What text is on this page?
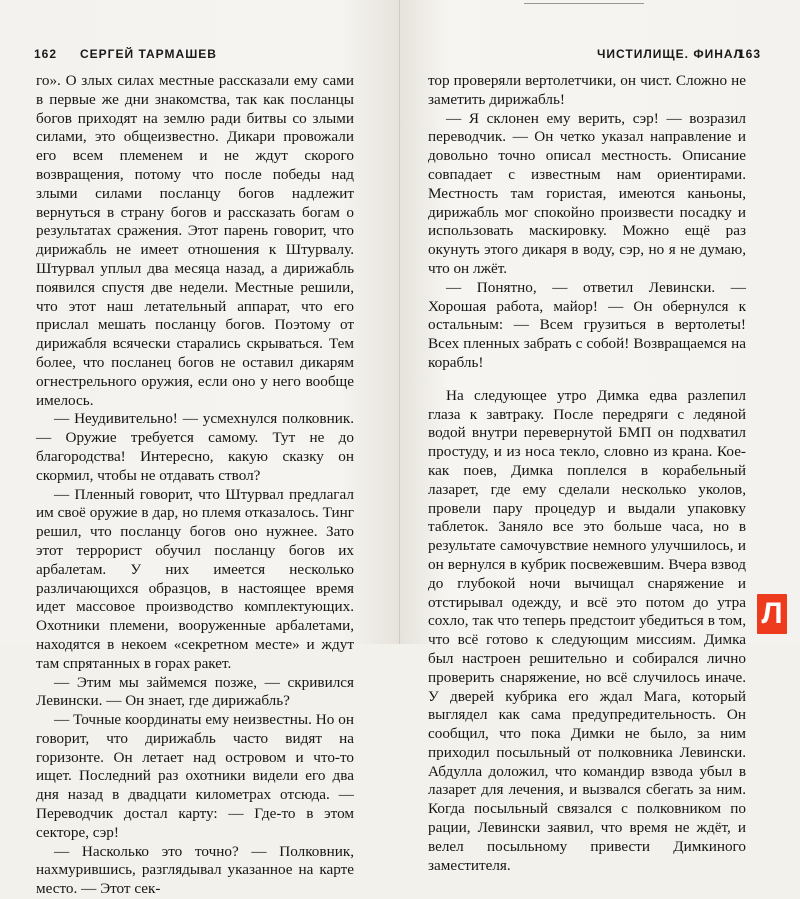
162 СЕРГЕЙ ТАРМАШЕВ

го». О злых силах местные рассказали ему сами в первые же дни знакомства, так как посланцы богов приходят на землю ради битвы со злыми силами, это общеизвестно. Дикари провожали его всем племенем и не ждут скорого возвращения, потому что после победы над злыми силами посланцу богов надлежит вернуться в страну богов и рассказать богам о результатах сражения. Этот парень говорит, что дирижабль не имеет отношения к Штурвалу. Штурвал уплыл два месяца назад, а дирижабль появился спустя две недели. Местные решили, что этот наш летательный аппарат, что его прислал мешать посланцу богов. Поэтому от дирижабля всячески старались скрываться. Тем более, что посланец богов не оставил дикарям огнестрельного оружия, если оно у него вообще имелось.

— Неудивительно! — усмехнулся полковник. — Оружие требуется самому. Тут не до благородства! Интересно, какую сказку он скормил, чтобы не отдавать ствол?

— Пленный говорит, что Штурвал предлагал им своё оружие в дар, но племя отказалось. Тинг решил, что посланцу богов оно нужнее. Зато этот террорист обучил посланцу богов их арбалетам. У них имеется несколько различающихся образцов, в настоящее время идет массовое производство комплектующих. Охотники племени, вооруженные арбалетами, находятся в некоем «секретном месте» и ждут там спрятанных в горах ракет.

— Этим мы займемся позже, — скривился Левински. — Он знает, где дирижабль?

— Точные координаты ему неизвестны. Но он говорит, что дирижабль часто видят на горизонте. Он летает над островом и что-то ищет. Последний раз охотники видели его два дня назад в двадцати километрах отсюда. — Переводчик достал карту: — Где-то в этом секторе, сэр!

— Насколько это точно? — Полковник, нахмурившись, разглядывал указанное на карте место. — Этот сек-

ЧИСТИЛИЩЕ. ФИНАЛ
163

тор проверяли вертолетчики, он чист. Сложно не заметить дирижабль!

— Я склонен ему верить, сэр! — возразил переводчик. — Он четко указал направление и довольно точно описал местность. Описание совпадает с известным нам ориентирами. Местность там гористая, имеются каньоны, дирижабль мог спокойно произвести посадку и использовать маскировку. Можно ещё раз окунуть этого дикаря в воду, сэр, но я не думаю, что он лжёт.

— Понятно, — ответил Левински. — Хорошая работа, майор! — Он обернулся к остальным: — Всем грузиться в вертолеты! Всех пленных забрать с собой! Возвращаемся на корабль!

На следующее утро Димка едва разлепил глаза к завтраку. После передряги с ледяной водой внутри перевернутой БМП он подхватил простуду, и из носа текло, словно из крана. Кое-как поев, Димка поплелся в корабельный лазарет, где ему сделали несколько уколов, провели пару процедур и выдали упаковку таблеток. Заняло все это больше часа, но в результате самочувствие немного улучшилось, и он вернулся в кубрик посвежевшим. Вчера взвод до глубокой ночи вычищал снаряжение и отстирывал одежду, и всё это потом до утра сохло, так что теперь предстоит убедиться в том, что всё готово к следующим миссиям. Димка был настроен решительно и собирался лично проверить снаряжение, но всё случилось иначе. У дверей кубрика его ждал Мага, который выглядел как сама предупредительность. Он сообщил, что пока Димки не было, за ним приходил посыльный от полковника Левински. Абдулла доложил, что командир взвода убыл в лазарет для лечения, и вызвался сбегать за ним. Когда посыльный связался с полковником по рации, Левински заявил, что время не ждёт, и велел посыльному привести Димкиного заместителя.

Л
